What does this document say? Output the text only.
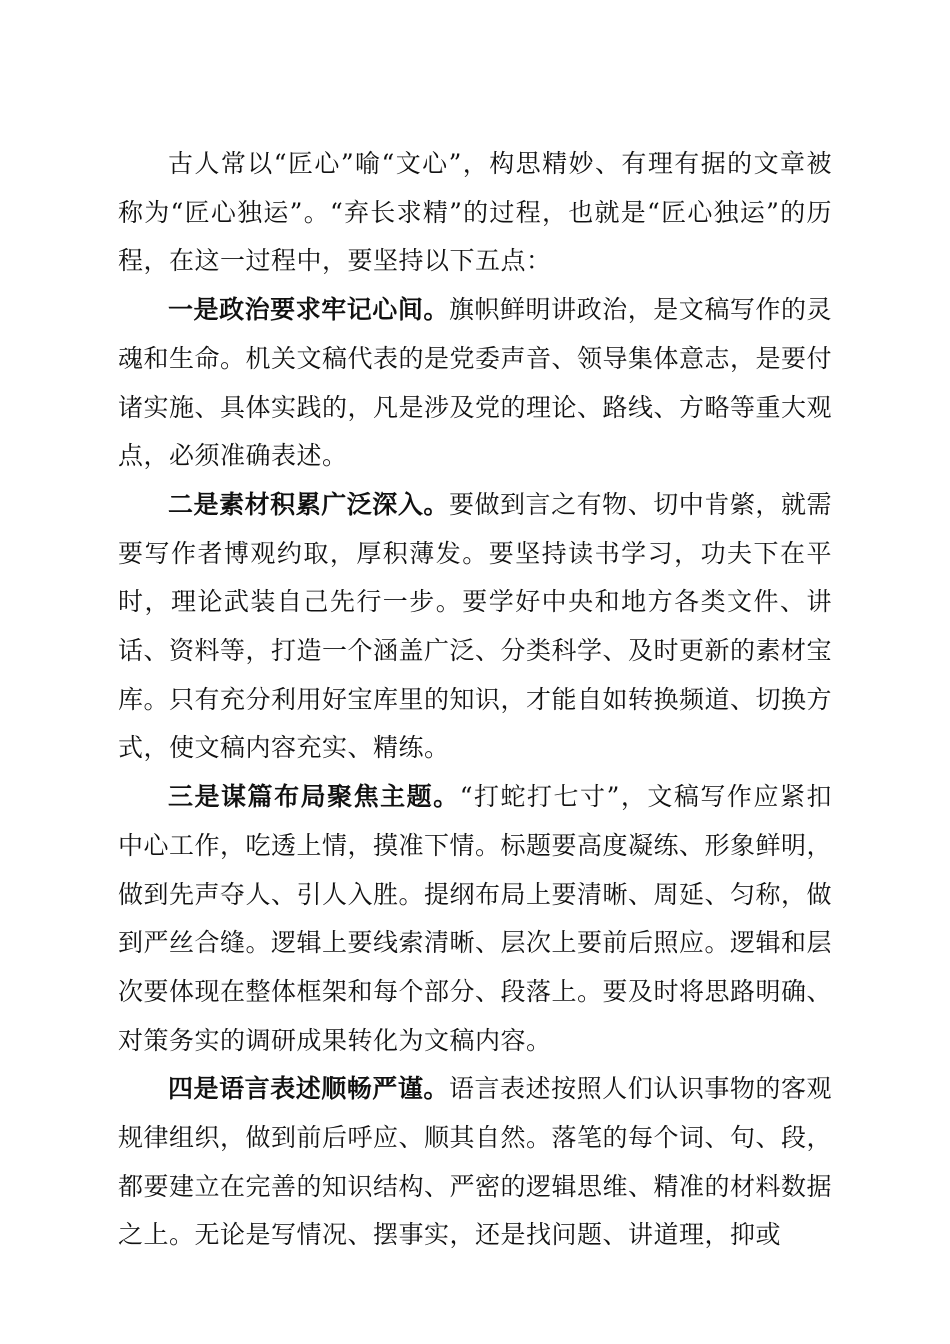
古人常以“匠心”喻“文心”，构思精妙、有理有据的文章被称为“匠心独运”。“弃长求精”的过程，也就是“匠心独运”的历程，在这一过程中，要坚持以下五点：

一是政治要求牢记心间。旗帜鲜明讲政治，是文稿写作的灵魂和生命。机关文稿代表的是党委声音、领导集体意志，是要付诸实施、具体实践的，凡是涉及党的理论、路线、方略等重大观点，必须准确表述。

二是素材积累广泛深入。要做到言之有物、切中肯綮，就需要写作者博观约取，厚积薄发。要坚持读书学习，功夫下在平时，理论武装自己先行一步。要学好中央和地方各类文件、讲话、资料等，打造一个涵盖广泛、分类科学、及时更新的素材宝库。只有充分利用好宝库里的知识，才能自如转换频道、切换方式，使文稿内容充实、精练。

三是谋篇布局聚焦主题。“打蛇打七寸”，文稿写作应紧扣中心工作，吃透上情，摸准下情。标题要高度凝练、形象鲜明，做到先声夺人、引人入胜。提纲布局上要清晰、周延、匀称，做到严丝合缝。逻辑上要线索清晰、层次上要前后照应。逻辑和层次要体现在整体框架和每个部分、段落上。要及时将思路明确、对策务实的调研成果转化为文稿内容。

四是语言表述顺畅严谨。语言表述按照人们认识事物的客观规律组织，做到前后呼应、顺其自然。落笔的每个词、句、段，都要建立在完善的知识结构、严密的逻辑思维、精准的材料数据之上。无论是写情况、摆事实，还是找问题、讲道理，抑或
